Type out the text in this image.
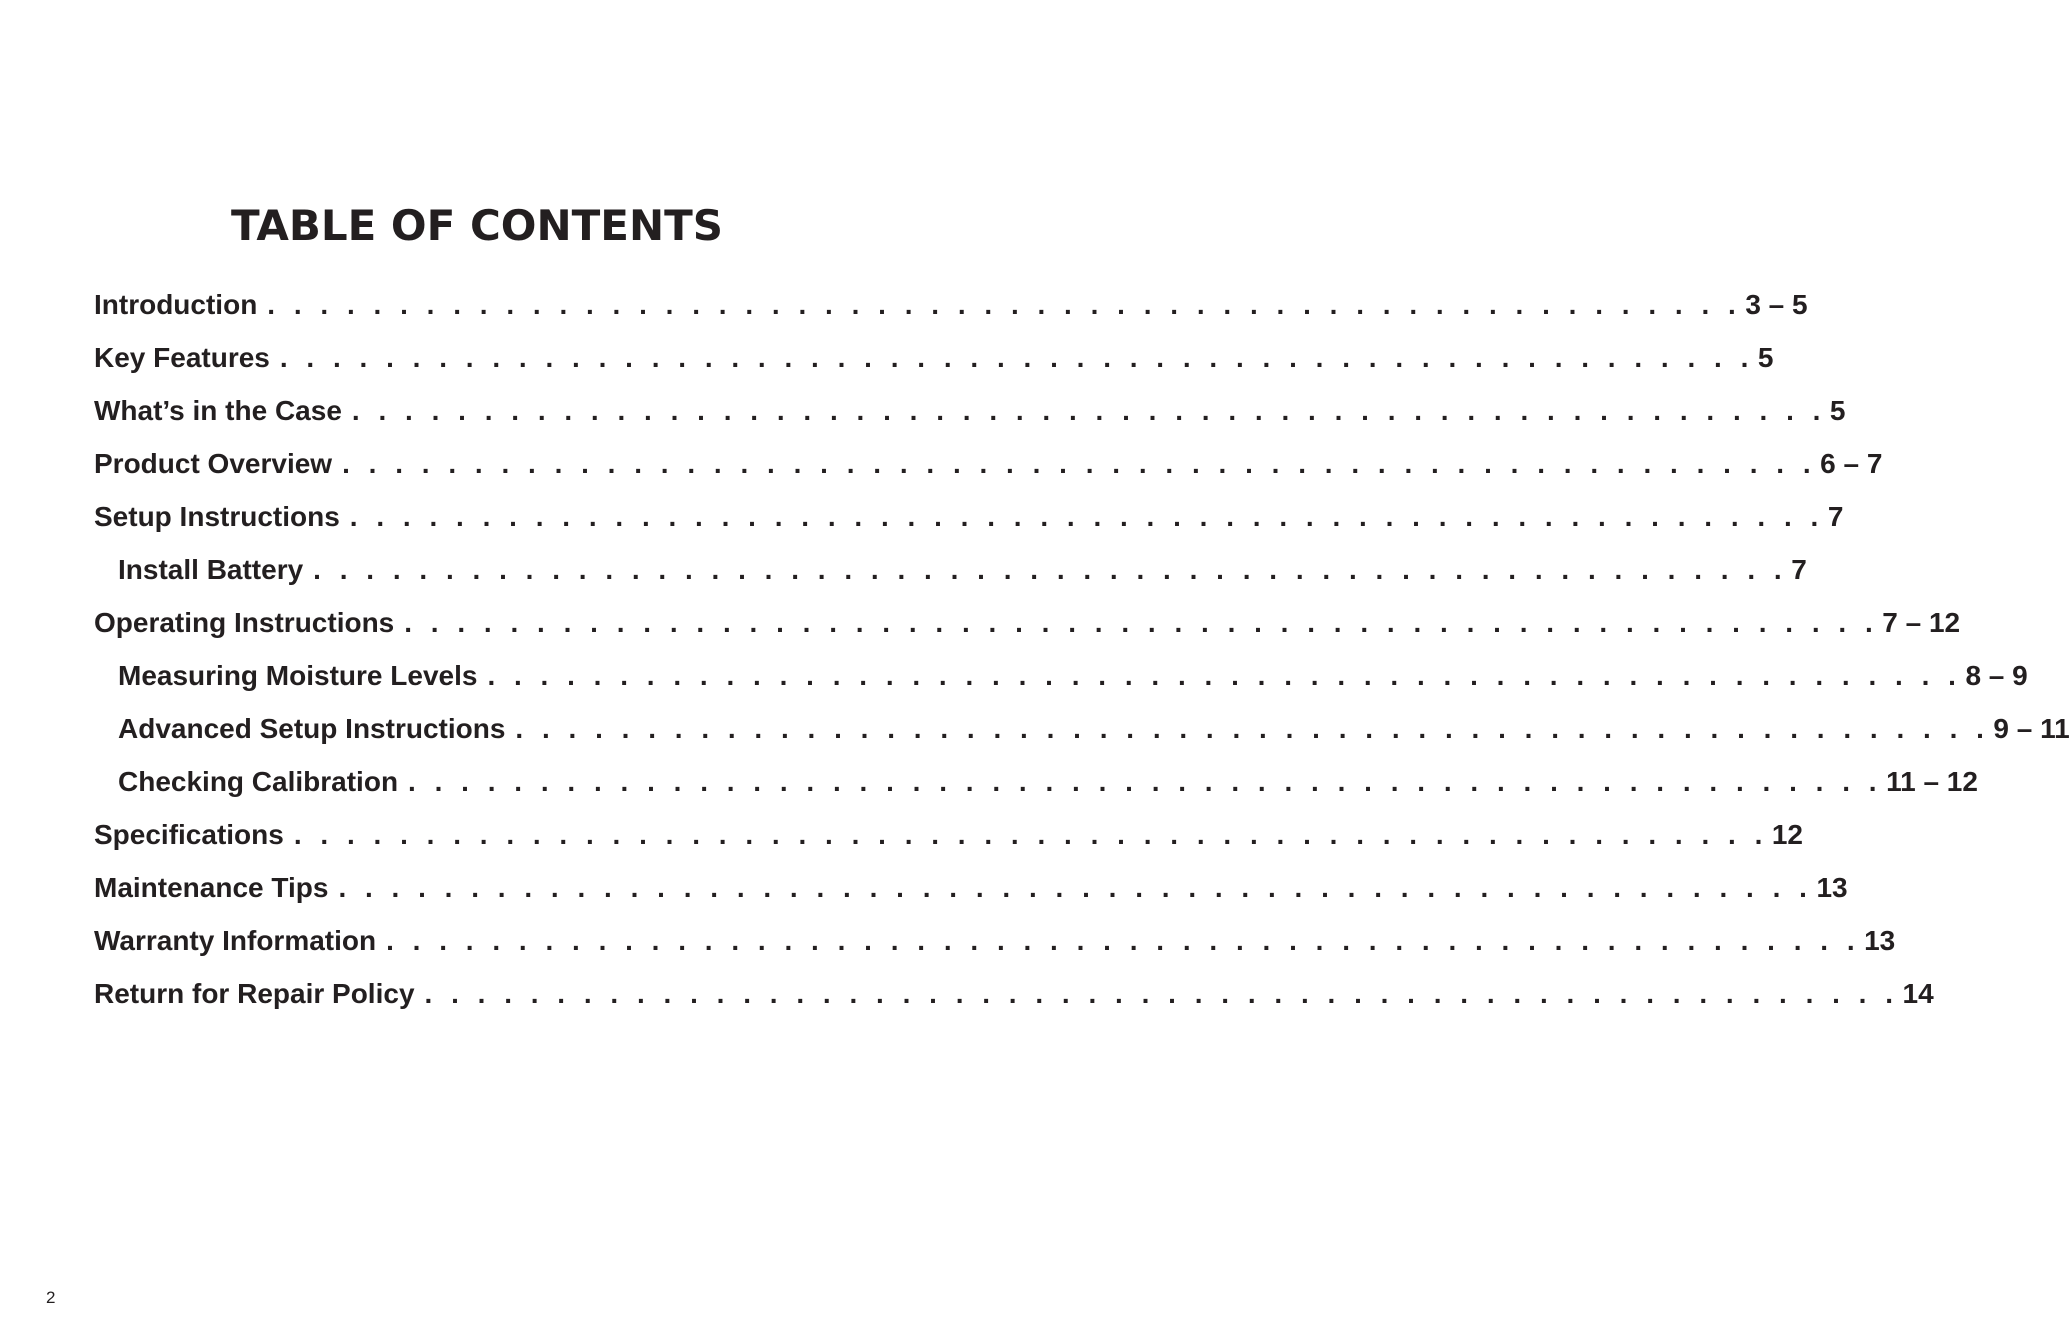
TABLE OF CONTENTS
Introduction . . . . . . . . . . . . . . . . . . . . . . . . . . . . . . . . . . . . . . . . . . . . . . . . . . . . . . . . 3 – 5
Key Features . . . . . . . . . . . . . . . . . . . . . . . . . . . . . . . . . . . . . . . . . . . . . . . . . . . . . . . . 5
What’s in the Case . . . . . . . . . . . . . . . . . . . . . . . . . . . . . . . . . . . . . . . . . . . . . . . . . . . . . . . . 5
Product Overview . . . . . . . . . . . . . . . . . . . . . . . . . . . . . . . . . . . . . . . . . . . . . . . . . . . . . . . . 6 – 7
Setup Instructions . . . . . . . . . . . . . . . . . . . . . . . . . . . . . . . . . . . . . . . . . . . . . . . . . . . . . . . . 7
Install Battery . . . . . . . . . . . . . . . . . . . . . . . . . . . . . . . . . . . . . . . . . . . . . . . . . . . . . . . . 7
Operating Instructions . . . . . . . . . . . . . . . . . . . . . . . . . . . . . . . . . . . . . . . . . . . . . . . . . . . . . . . . 7 – 12
Measuring Moisture Levels . . . . . . . . . . . . . . . . . . . . . . . . . . . . . . . . . . . . . . . . . . . . . . . . . . . . . . . . 8 – 9
Advanced Setup Instructions . . . . . . . . . . . . . . . . . . . . . . . . . . . . . . . . . . . . . . . . . . . . . . . . . . . . . . . . 9 – 11
Checking Calibration . . . . . . . . . . . . . . . . . . . . . . . . . . . . . . . . . . . . . . . . . . . . . . . . . . . . . . . . 11 – 12
Specifications . . . . . . . . . . . . . . . . . . . . . . . . . . . . . . . . . . . . . . . . . . . . . . . . . . . . . . . . 12
Maintenance Tips . . . . . . . . . . . . . . . . . . . . . . . . . . . . . . . . . . . . . . . . . . . . . . . . . . . . . . . . 13
Warranty Information . . . . . . . . . . . . . . . . . . . . . . . . . . . . . . . . . . . . . . . . . . . . . . . . . . . . . . . . 13
Return for Repair Policy . . . . . . . . . . . . . . . . . . . . . . . . . . . . . . . . . . . . . . . . . . . . . . . . . . . . . . . . 14
2
